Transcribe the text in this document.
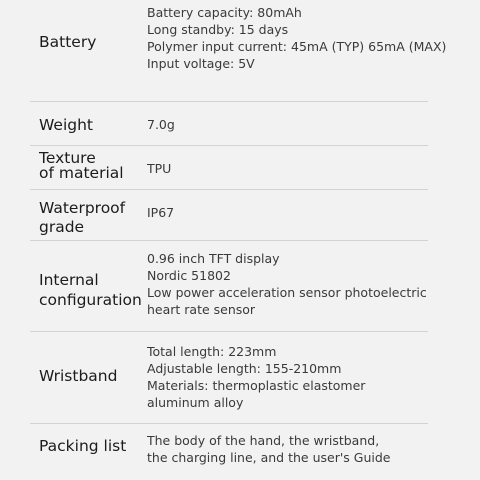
Battery
Battery capacity: 80mAh
Long standby: 15 days
Polymer input current: 45mA (TYP) 65mA (MAX)
Input voltage: 5V
Weight	7.0g
Texture
of material TPU
Waterproof
grade
IP67
Internal
configuration
0.96 inch TFT display
Nordic 51802
Low power acceleration sensor photoelectric
heart rate sensor
Wristband
Total length: 223mm
Adjustable length: 155-210mm
Materials: thermoplastic elastomer
aluminum alloy
Packing list The body of the hand, the wristband,
the charging line, and the user's Guide
